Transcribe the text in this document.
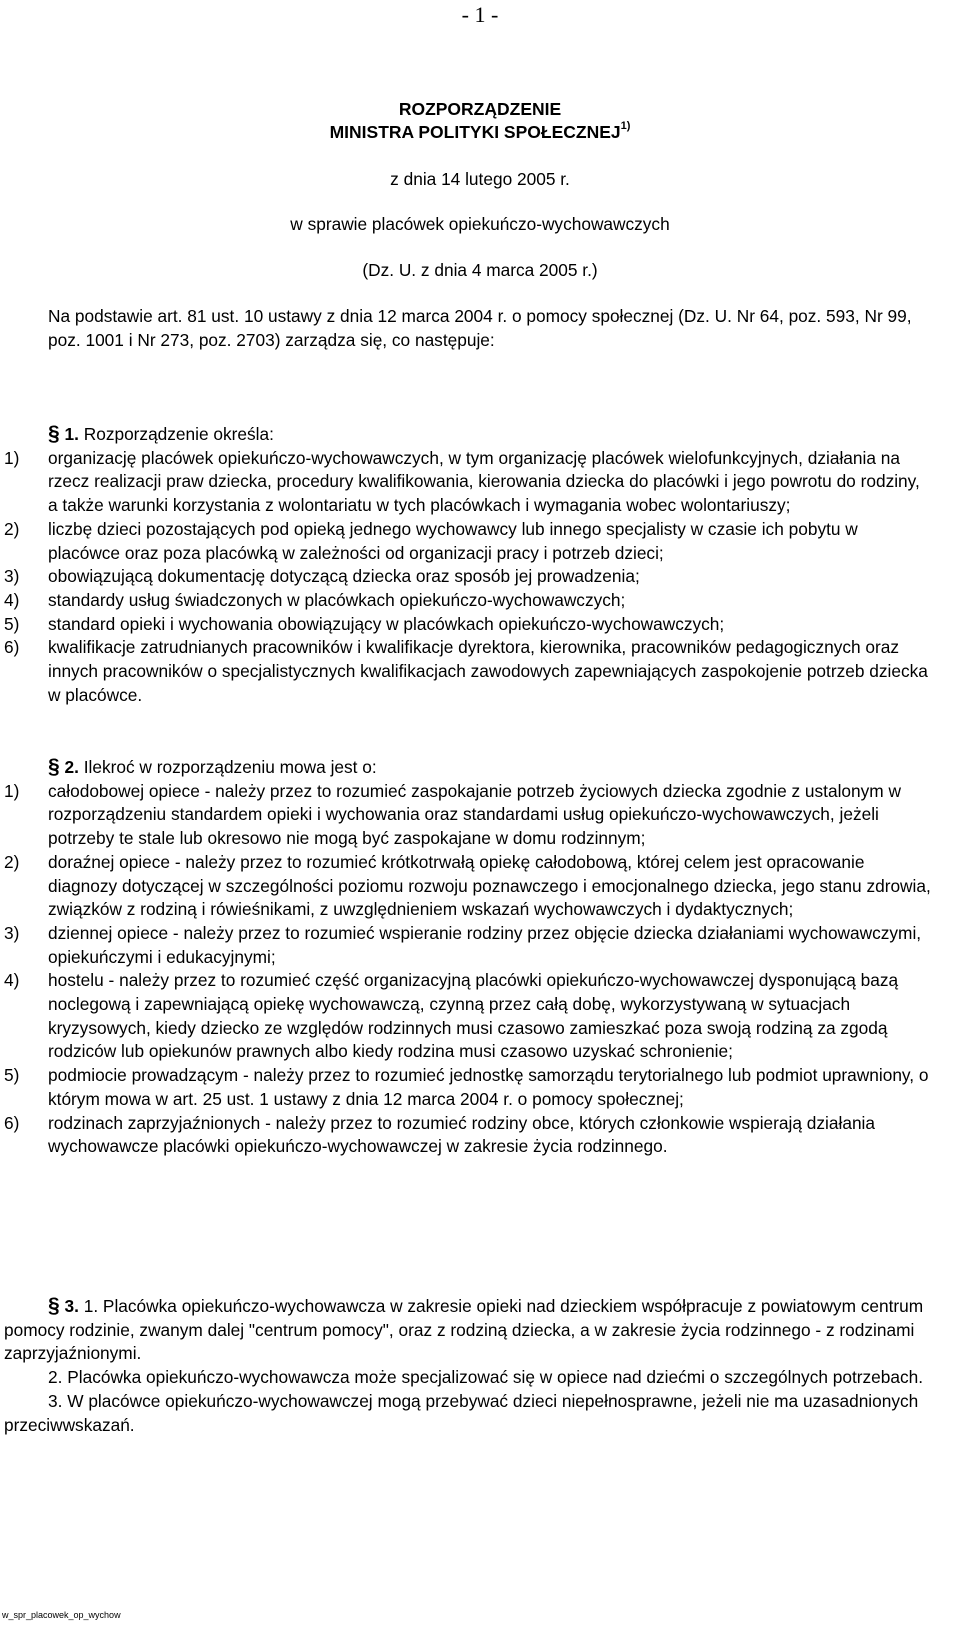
- 1 -
ROZPORZĄDZENIE
MINISTRA POLITYKI SPOŁECZNEJ$^{1)}$
z dnia 14 lutego 2005 r.
w sprawie placówek opiekuńczo-wychowawczych
(Dz. U. z dnia 4 marca 2005 r.)

Na podstawie art. 81 ust. 10 ustawy z dnia 12 marca 2004 r. o pomocy społecznej (Dz. U. Nr 64, poz. 593, Nr 99, poz. 1001 i Nr 273, poz. 2703) zarządza się, co następuje:

§ 1. Rozporządzenie określa:

1) organizację placówek opiekuńczo-wychowawczych, w tym organizację placówek wielofunkcyjnych, działania na rzecz realizacji praw dziecka, procedury kwalifikowania, kierowania dziecka do placówki i jego powrotu do rodziny, a także warunki korzystania z wolontariatu w tych placówkach i wymagania wobec wolontariuszy;
2) liczbę dzieci pozostających pod opieką jednego wychowawcy lub innego specjalisty w czasie ich pobytu w placówce oraz poza placówką w zależności od organizacji pracy i potrzeb dzieci;
3) obowiązującą dokumentację dotyczącą dziecka oraz sposób jej prowadzenia;
4) standardy usług świadczonych w placówkach opiekuńczo-wychowawczych;
5) standard opieki i wychowania obowiązujący w placówkach opiekuńczo-wychowawczych;
6) kwalifikacje zatrudnianych pracowników i kwalifikacje dyrektora, kierownika, pracowników pedagogicznych oraz innych pracowników o specjalistycznych kwalifikacjach zawodowych zapewniających zaspokojenie potrzeb dziecka w placówce.

§ 2. Ilekroć w rozporządzeniu mowa jest o:

1) całodobowej opiece - należy przez to rozumieć zaspokajanie potrzeb życiowych dziecka zgodnie z ustalonym w rozporządzeniu standardem opieki i wychowania oraz standardami usług opiekuńczo-wychowawczych, jeżeli potrzeby te stale lub okresowo nie mogą być zaspokajane w domu rodzinnym;
2) doraźnej opiece - należy przez to rozumieć krótkotrwałą opiekę całodobową, której celem jest opracowanie diagnozy dotyczącej w szczególności poziomu rozwoju poznawczego i emocjonalnego dziecka, jego stanu zdrowia, związków z rodziną i rówieśnikami, z uwzględnieniem wskazań wychowawczych i dydaktycznych;
3) dziennej opiece - należy przez to rozumieć wspieranie rodziny przez objęcie dziecka działaniami wychowawczymi, opiekuńczymi i edukacyjnymi;
4) hostelu - należy przez to rozumieć część organizacyjną placówki opiekuńczo-wychowawczej dysponującą bazą noclegową i zapewniającą opiekę wychowawczą, czynną przez całą dobę, wykorzystywaną w sytuacjach kryzysowych, kiedy dziecko ze względów rodzinnych musi czasowo zamieszkać poza swoją rodziną za zgodą rodziców lub opiekunów prawnych albo kiedy rodzina musi czasowo uzyskać schronienie;
5) podmiocie prowadzącym - należy przez to rozumieć jednostkę samorządu terytorialnego lub podmiot uprawniony, o którym mowa w art. 25 ust. 1 ustawy z dnia 12 marca 2004 r. o pomocy społecznej;
6) rodzinach zaprzyjaźnionych - należy przez to rozumieć rodziny obce, których członkowie wspierają działania wychowawcze placówki opiekuńczo-wychowawczej w zakresie życia rodzinnego.

§ 3. 1. Placówka opiekuńczo-wychowawcza w zakresie opieki nad dzieckiem współpracuje z powiatowym centrum pomocy rodzinie, zwanym dalej "centrum pomocy", oraz z rodziną dziecka, a w zakresie życia rodzinnego - z rodzinami zaprzyjaźnionymi.

2. Placówka opiekuńczo-wychowawcza może specjalizować się w opiece nad dziećmi o szczególnych potrzebach.

3. W placówce opiekuńczo-wychowawczej mogą przebywać dzieci niepełnosprawne, jeżeli nie ma uzasadnionych przeciwwskazań.

w_spr_placowek_op_wychow
